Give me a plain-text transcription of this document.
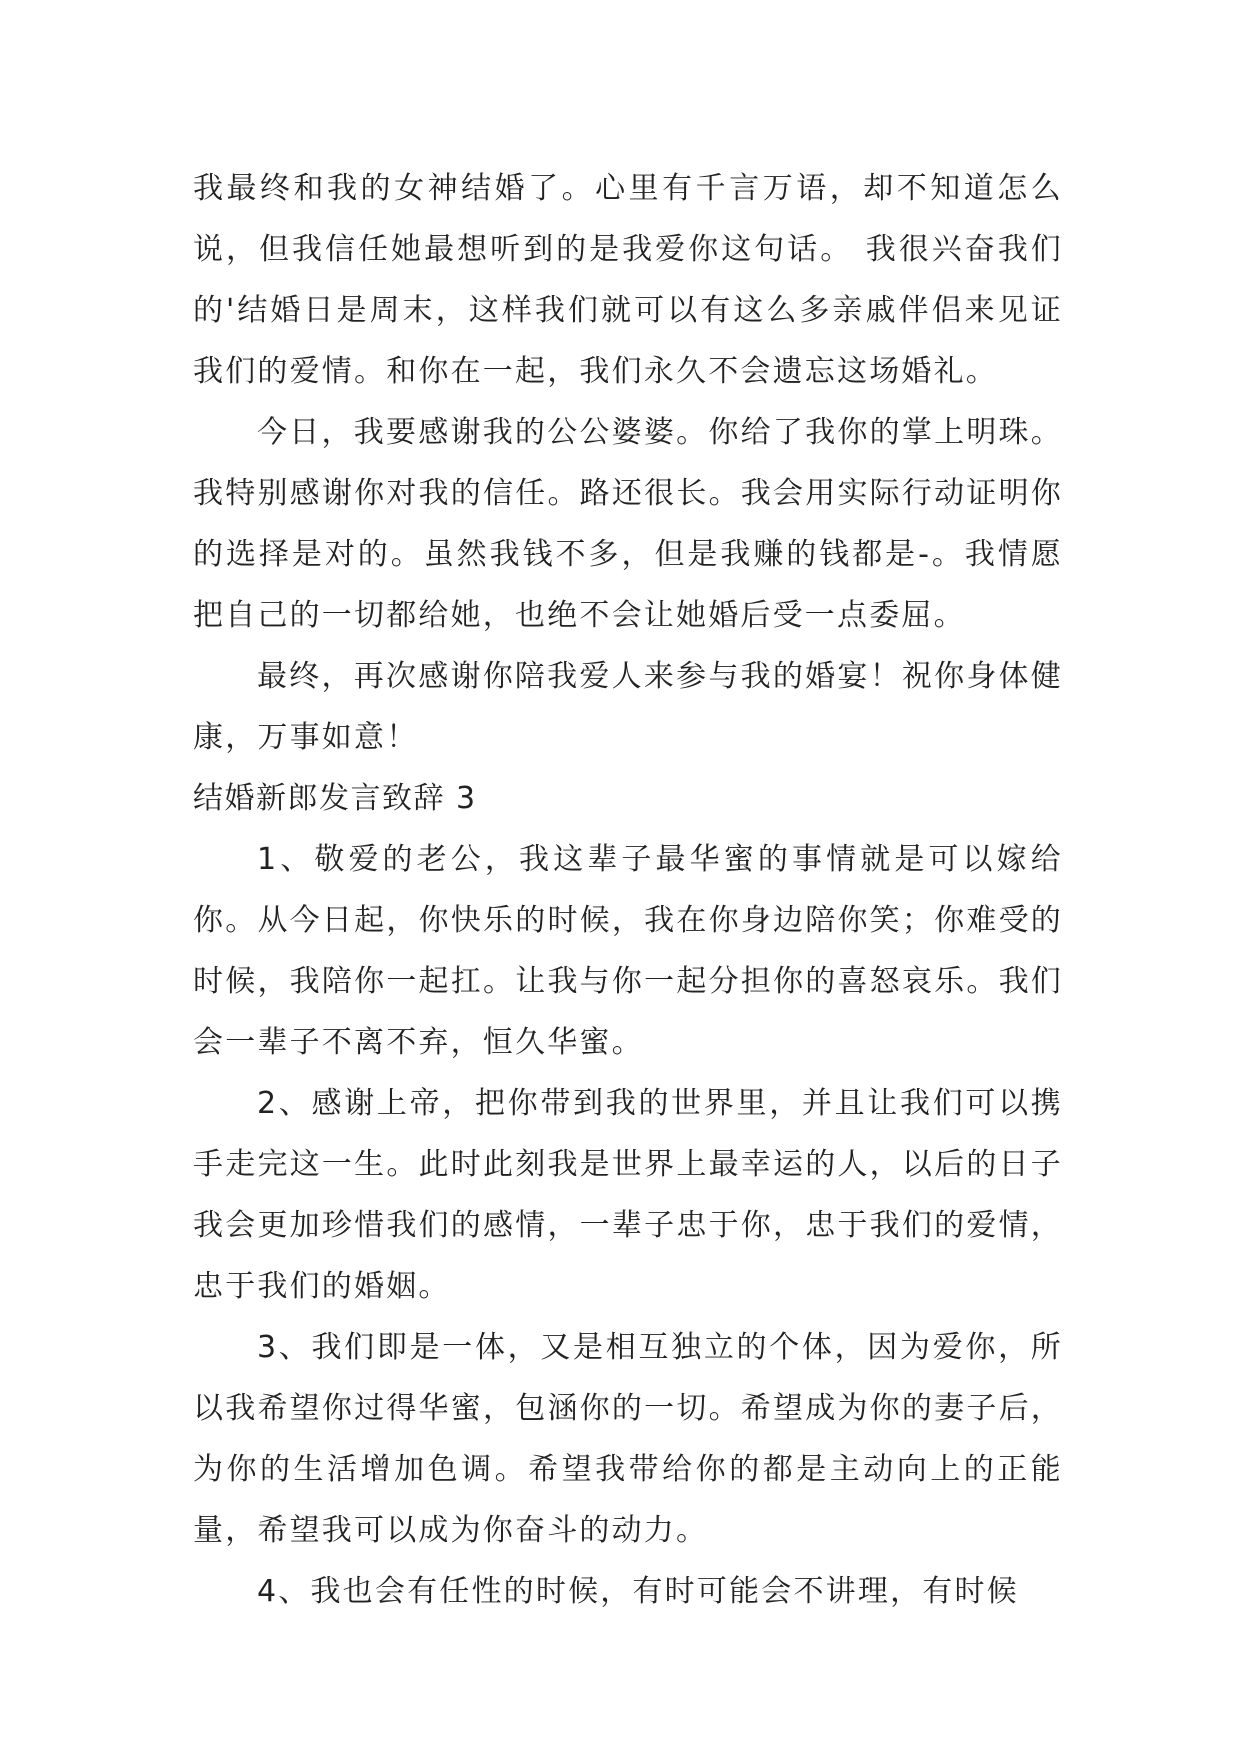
我最终和我的女神结婚了。心里有千言万语，却不知道怎么说，但我信任她最想听到的是我爱你这句话。 我很兴奋我们的'结婚日是周末，这样我们就可以有这么多亲戚伴侣来见证我们的爱情。和你在一起，我们永久不会遗忘这场婚礼。

今日，我要感谢我的公公婆婆。你给了我你的掌上明珠。我特别感谢你对我的信任。路还很长。我会用实际行动证明你的选择是对的。虽然我钱不多，但是我赚的钱都是-。我情愿把自己的一切都给她，也绝不会让她婚后受一点委屈。

最终，再次感谢你陪我爱人来参与我的婚宴！祝你身体健康，万事如意！

结婚新郎发言致辞 3

1、敬爱的老公，我这辈子最华蜜的事情就是可以嫁给你。从今日起，你快乐的时候，我在你身边陪你笑；你难受的时候，我陪你一起扛。让我与你一起分担你的喜怒哀乐。我们会一辈子不离不弃，恒久华蜜。

2、感谢上帝，把你带到我的世界里，并且让我们可以携手走完这一生。此时此刻我是世界上最幸运的人，以后的日子我会更加珍惜我们的感情，一辈子忠于你，忠于我们的爱情，忠于我们的婚姻。

3、我们即是一体，又是相互独立的个体，因为爱你，所以我希望你过得华蜜，包涵你的一切。希望成为你的妻子后，为你的生活增加色调。希望我带给你的都是主动向上的正能量，希望我可以成为你奋斗的动力。

4、我也会有任性的时候，有时可能会不讲理，有时候
